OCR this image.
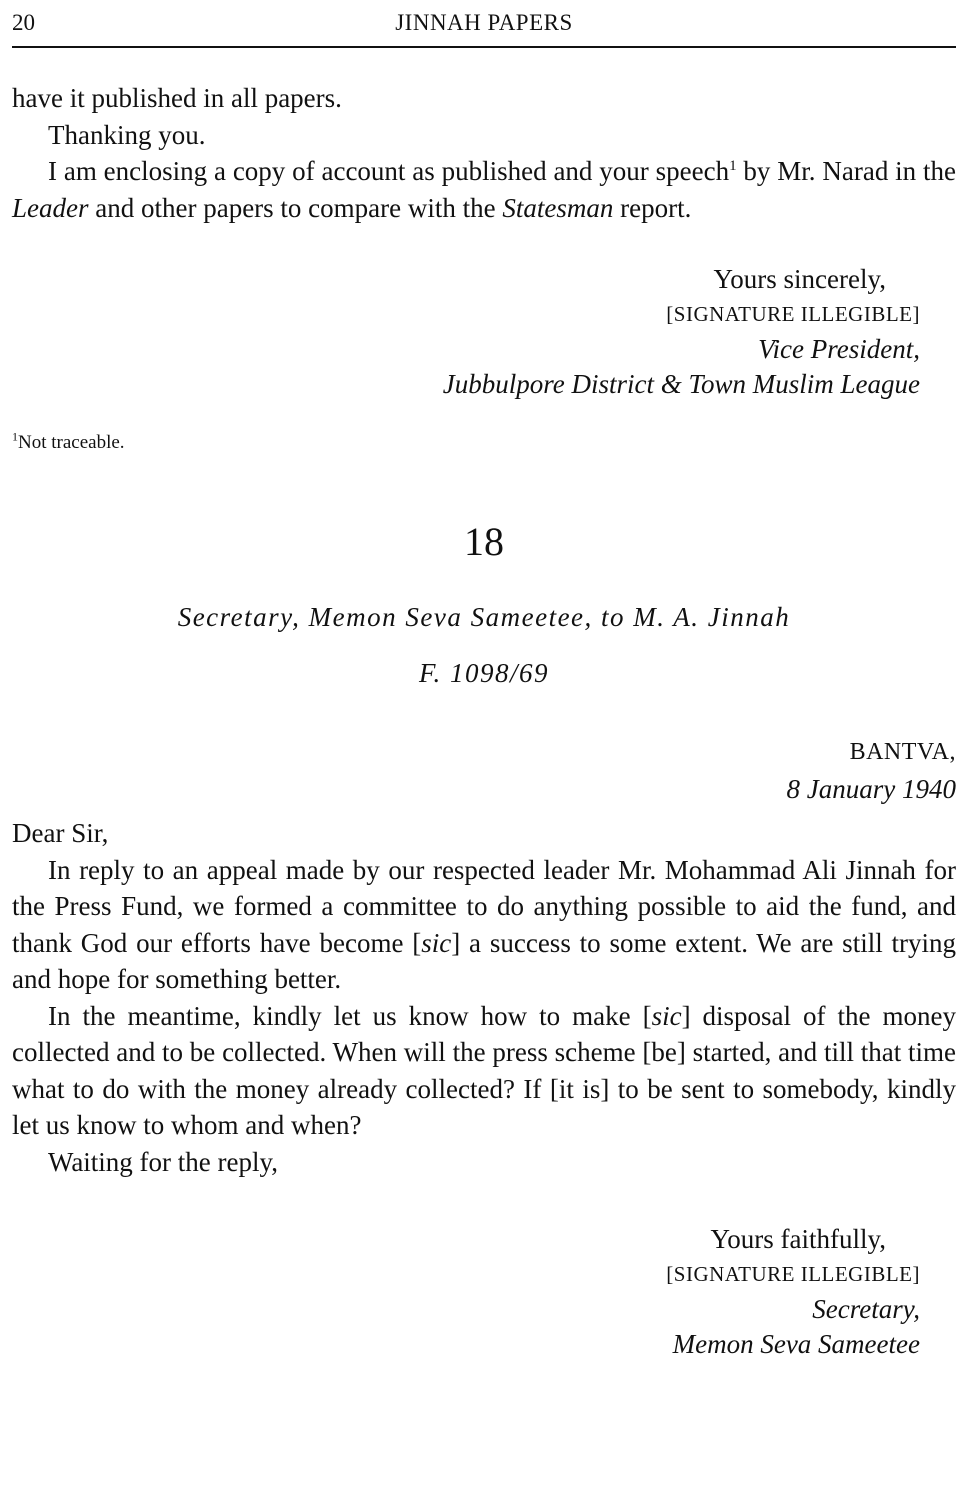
20	JINNAH PAPERS

have it published in all papers.

Thanking you.

I am enclosing a copy of account as published and your speech$^1$ by Mr. Narad in the Leader and other papers to compare with the Statesman report.

Yours sincerely,
[SIGNATURE ILLEGIBLE]
Vice President,
Jubbulpore District & Town Muslim League
$^1$Not traceable.
18
Secretary, Memon Seva Sameetee, to M. A. Jinnah
F. 1098/69
BANTVA,
8 January 1940

Dear Sir,

In reply to an appeal made by our respected leader Mr. Mohammad Ali Jinnah for the Press Fund, we formed a committee to do anything possible to aid the fund, and thank God our efforts have become [sic] a success to some extent. We are still trying and hope for something better.

In the meantime, kindly let us know how to make [sic] disposal of the money collected and to be collected. When will the press scheme [be] started, and till that time what to do with the money already collected? If [it is] to be sent to somebody, kindly let us know to whom and when?

Waiting for the reply,

Yours faithfully,
[SIGNATURE ILLEGIBLE]
Secretary,
Memon Seva Sameetee
